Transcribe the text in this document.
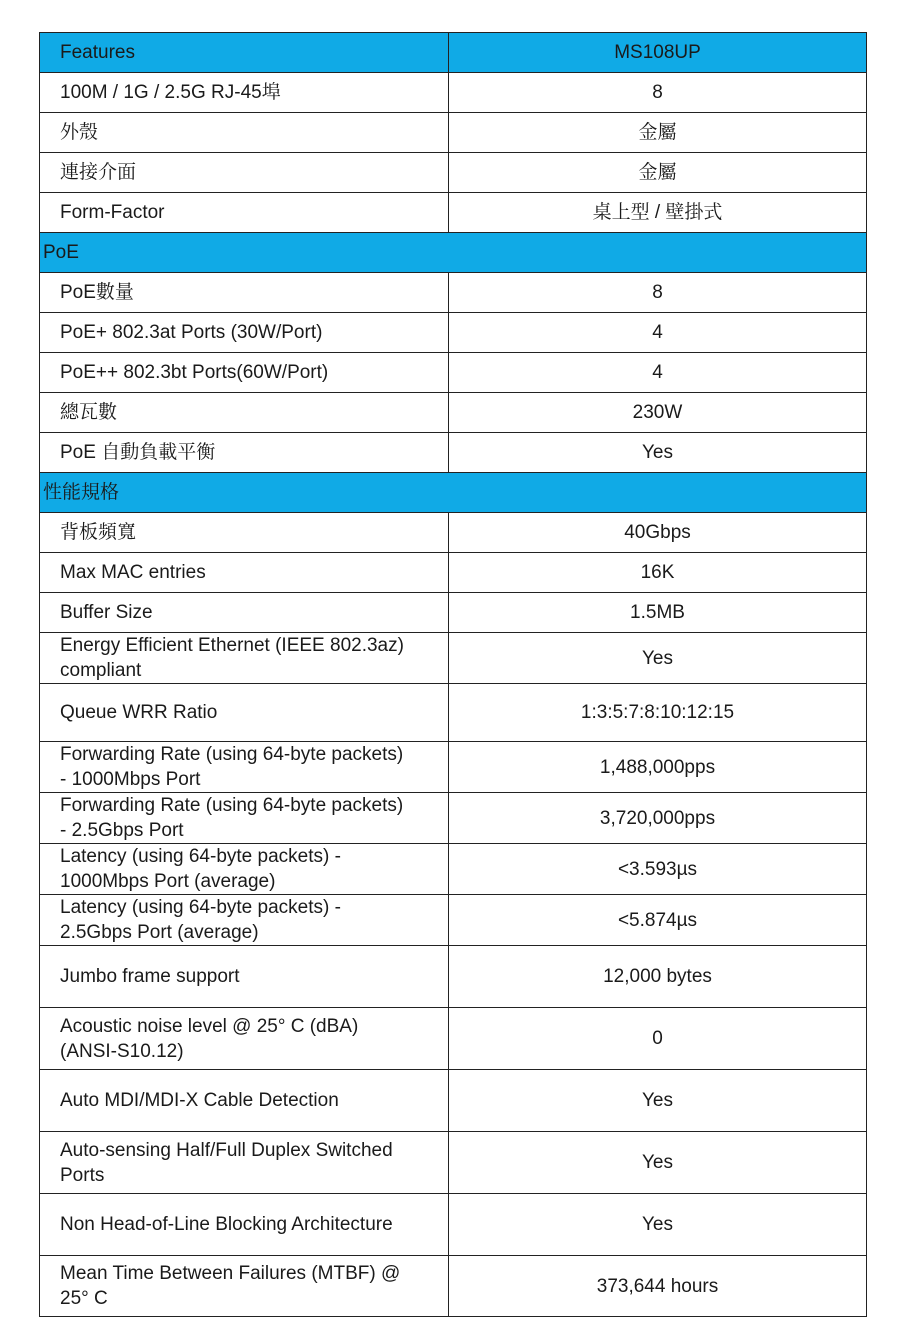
Features	MS108UP
100M / 1G / 2.5G RJ-45埠	8
外殼	金屬
連接介面	金屬
Form-Factor	桌上型 / 壁掛式
PoE	
PoE數量	8
PoE+ 802.3at Ports (30W/Port)	4
PoE++ 802.3bt Ports(60W/Port)	4
總瓦數	230W
PoE 自動負載平衡	Yes
性能規格	
背板頻寬	40Gbps
Max MAC entries	16K
Buffer Size	1.5MB

Energy Efficient Ethernet (IEEE 802.3az)
compliant	Yes
Queue WRR Ratio	1:3:5:7:8:10:12:15

Forwarding Rate (using 64-byte packets)
- 1000Mbps Port	1,488,000pps

Forwarding Rate (using 64-byte packets)
- 2.5Gbps Port	3,720,000pps

Latency (using 64-byte packets) -
1000Mbps Port (average)	<3.593µs

Latency (using 64-byte packets) -
2.5Gbps Port (average)	<5.874µs
Jumbo frame support	12,000 bytes

Acoustic noise level @ 25° C (dBA)
(ANSI-S10.12)	0
Auto MDI/MDI-X Cable Detection	Yes

Auto-sensing Half/Full Duplex Switched
Ports	Yes
Non Head-of-Line Blocking Architecture	Yes

Mean Time Between Failures (MTBF) @
25° C	373,644 hours
